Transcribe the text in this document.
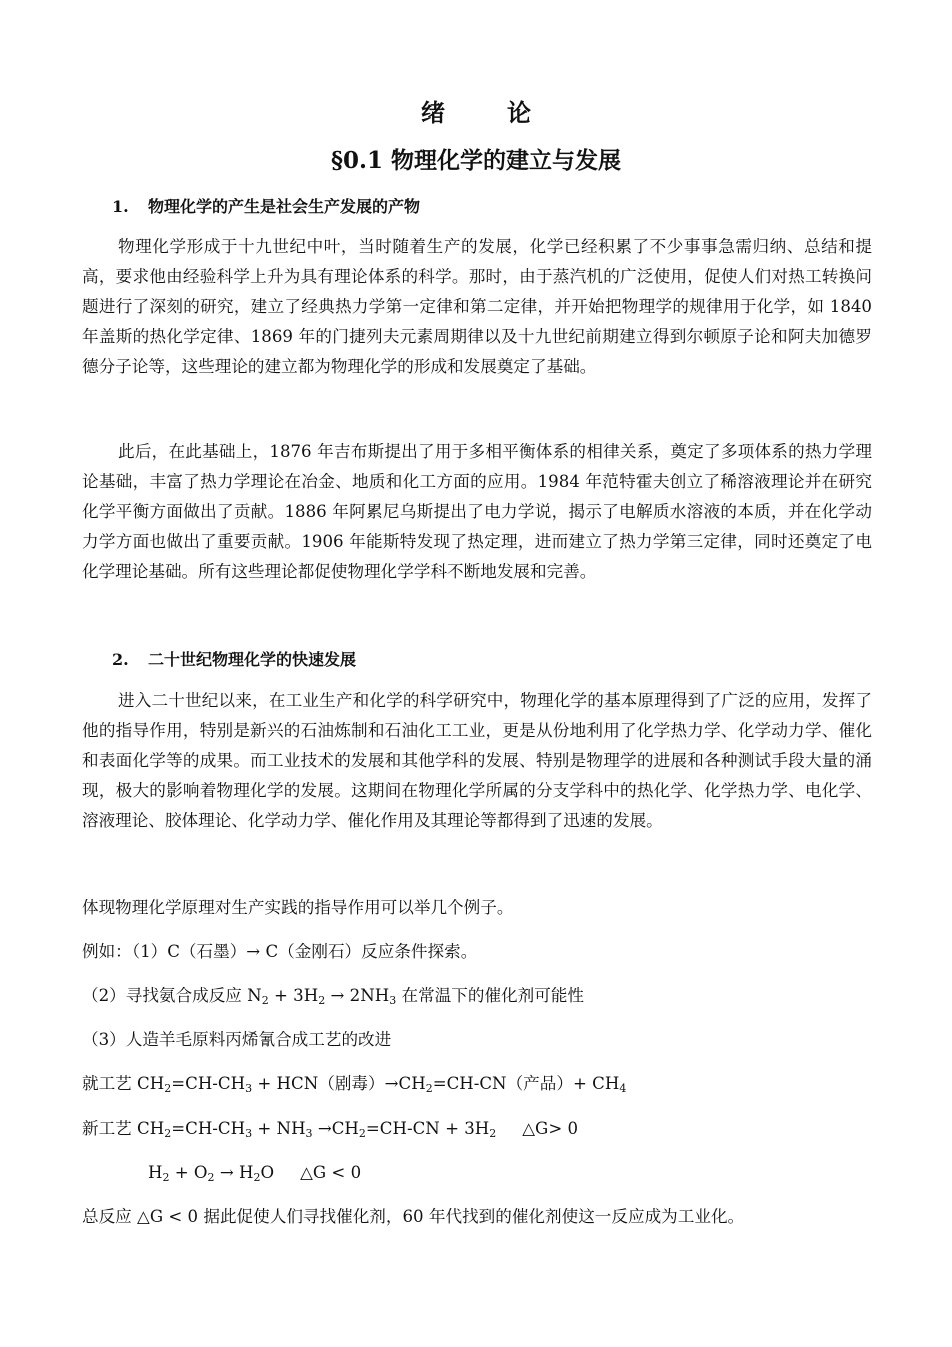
绪	论
§0.1 物理化学的建立与发展
1. 物理化学的产生是社会生产发展的产物

物理化学形成于十九世纪中叶，当时随着生产的发展，化学已经积累了不少事事急需归纳、总结和提高，要求他由经验科学上升为具有理论体系的科学。那时，由于蒸汽机的广泛使用，促使人们对热工转换问题进行了深刻的研究，建立了经典热力学第一定律和第二定律，并开始把物理学的规律用于化学，如 1840 年盖斯的热化学定律、1869 年的门捷列夫元素周期律以及十九世纪前期建立得到尔顿原子论和阿夫加德罗德分子论等，这些理论的建立都为物理化学的形成和发展奠定了基础。

此后，在此基础上，1876 年吉布斯提出了用于多相平衡体系的相律关系，奠定了多项体系的热力学理论基础，丰富了热力学理论在冶金、地质和化工方面的应用。1984 年范特霍夫创立了稀溶液理论并在研究化学平衡方面做出了贡献。1886 年阿累尼乌斯提出了电力学说，揭示了电解质水溶液的本质，并在化学动力学方面也做出了重要贡献。1906 年能斯特发现了热定理，进而建立了热力学第三定律，同时还奠定了电化学理论基础。所有这些理论都促使物理化学学科不断地发展和完善。

2. 二十世纪物理化学的快速发展

进入二十世纪以来，在工业生产和化学的科学研究中，物理化学的基本原理得到了广泛的应用，发挥了他的指导作用，特别是新兴的石油炼制和石油化工工业，更是从份地利用了化学热力学、化学动力学、催化和表面化学等的成果。而工业技术的发展和其他学科的发展、特别是物理学的进展和各种测试手段大量的涌现，极大的影响着物理化学的发展。这期间在物理化学所属的分支学科中的热化学、化学热力学、电化学、溶液理论、胶体理论、化学动力学、催化作用及其理论等都得到了迅速的发展。

体现物理化学原理对生产实践的指导作用可以举几个例子。
例如：（1）C（石墨）→ C（金刚石）反应条件探索。
（2）寻找氨合成反应 $N_2 + 3H_2 \to 2NH_3$ 在常温下的催化剂可能性
（3）人造羊毛原料丙烯氰合成工艺的改进
就工艺 $CH_2=CH-CH_3 + HCN$（剧毒）$\to CH_2=CH-CN$（产品）+ $CH_4$
新工艺 $CH_2=CH-CH_3 + NH_3 \to CH_2=CH-CN + 3H_2$ △G> 0
$H_2 + O_2 \to H_2O$ △G < 0
总反应 △G < 0 据此促使人们寻找催化剂，60 年代找到的催化剂使这一反应成为工业化。
